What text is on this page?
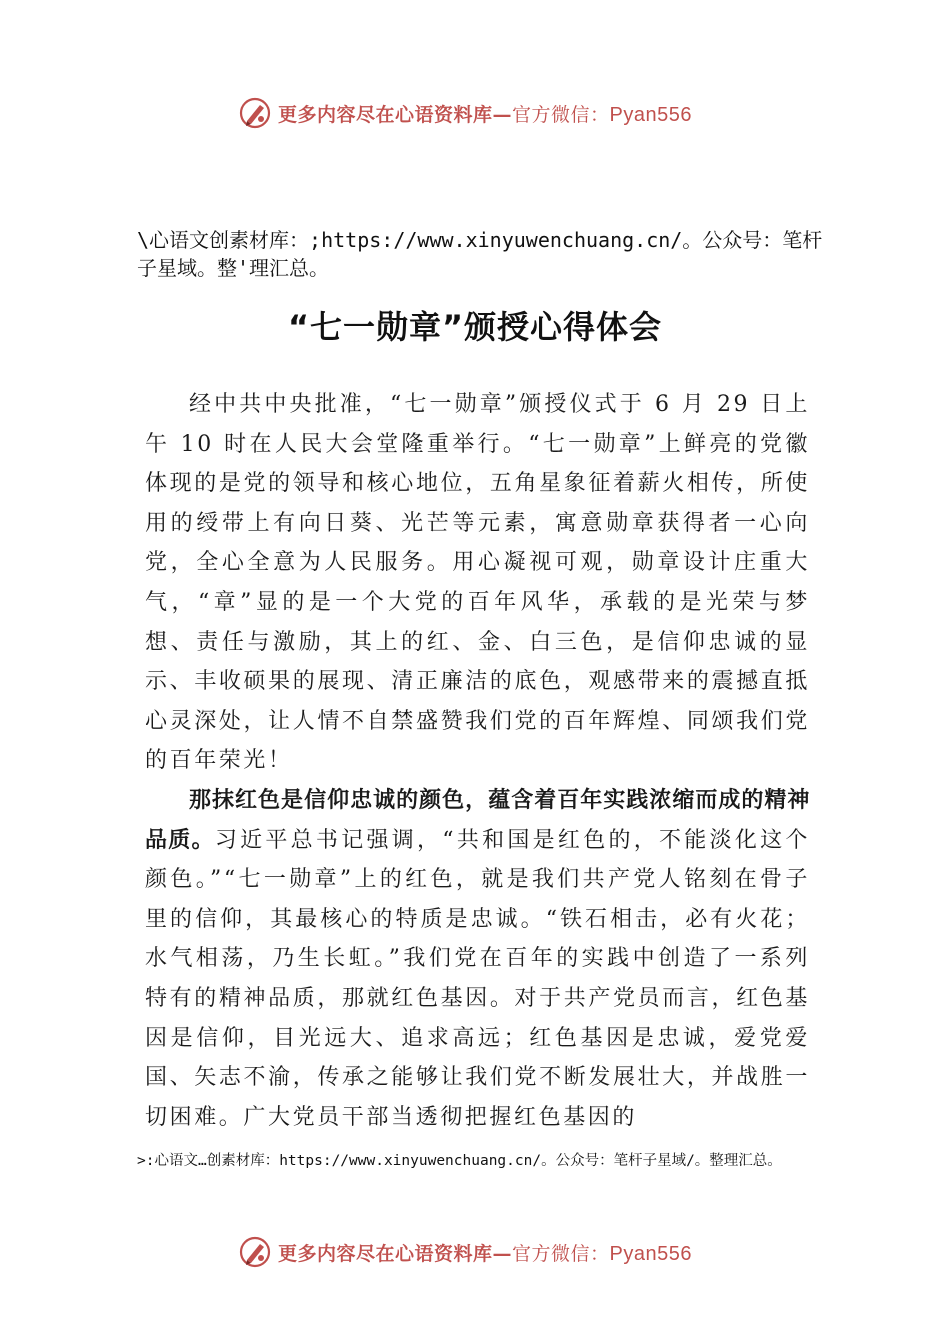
更多内容尽在心语资料库—官方微信：Pyan556
\心语文创素材库：;https://www.xinyuwenchuang.cn/。公众号：笔杆子星域。整'理汇总。
“七一勋章”颁授心得体会

经中共中央批准，“七一勋章”颁授仪式于 6 月 29 日上午 10 时在人民大会堂隆重举行。“七一勋章”上鲜亮的党徽体现的是党的领导和核心地位，五角星象征着薪火相传，所使用的绶带上有向日葵、光芒等元素，寓意勋章获得者一心向党，全心全意为人民服务。用心凝视可观，勋章设计庄重大气，“章”显的是一个大党的百年风华，承载的是光荣与梦想、责任与激励，其上的红、金、白三色，是信仰忠诚的显示、丰收硕果的展现、清正廉洁的底色，观感带来的震撼直抵心灵深处，让人情不自禁盛赞我们党的百年辉煌、同颂我们党的百年荣光！

那抹红色是信仰忠诚的颜色，蕴含着百年实践浓缩而成的精神品质。习近平总书记强调，“共和国是红色的，不能淡化这个颜色。”“七一勋章”上的红色，就是我们共产党人铭刻在骨子里的信仰，其最核心的特质是忠诚。“铁石相击，必有火花；水气相荡，乃生长虹。”我们党在百年的实践中创造了一系列特有的精神品质，那就红色基因。对于共产党员而言，红色基因是信仰，目光远大、追求高远；红色基因是忠诚，爱党爱国、矢志不渝，传承之能够让我们党不断发展壮大，并战胜一切困难。广大党员干部当透彻把握红色基因的

>:心语文…创素材库：https://www.xinyuwenchuang.cn/。公众号：笔杆子星域/。整理汇总。
更多内容尽在心语资料库—官方微信：Pyan556
